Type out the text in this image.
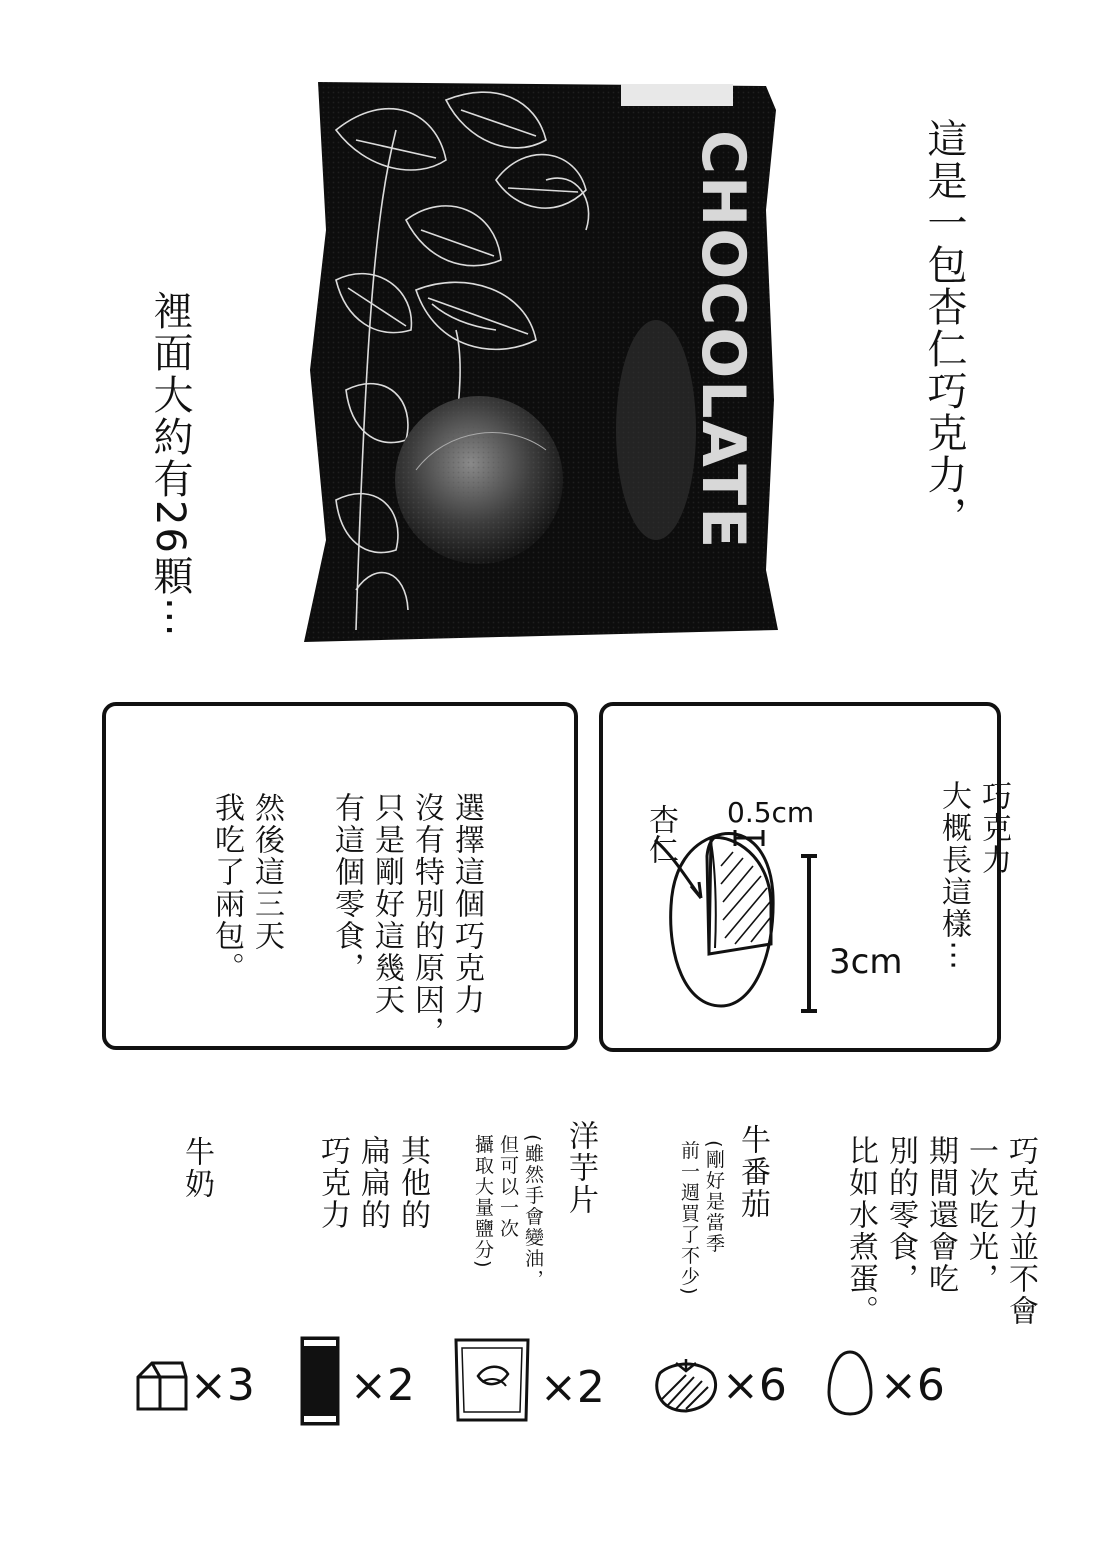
CHOCOLATE	這是一包杏仁巧克力，
裡面大約有26顆⋯

選擇這個巧克力
沒有特別的原因，
只是剛好這幾天
有這個零食，

然後這三天
我吃了兩包。
	巧克力
大概長這樣⋯

杏仁 0.5cm
3cm

巧克力並不會
一次吃光，
期間還會吃
別的零食，
比如水煮蛋。

牛番茄

(剛好是當季
前一週買了不少)

洋芋片

(雖然手會變油，
但可以一次
攝取大量鹽分)

其他的
扁扁的
巧克力

牛奶
×3 ×2	×2	×6 ×6
